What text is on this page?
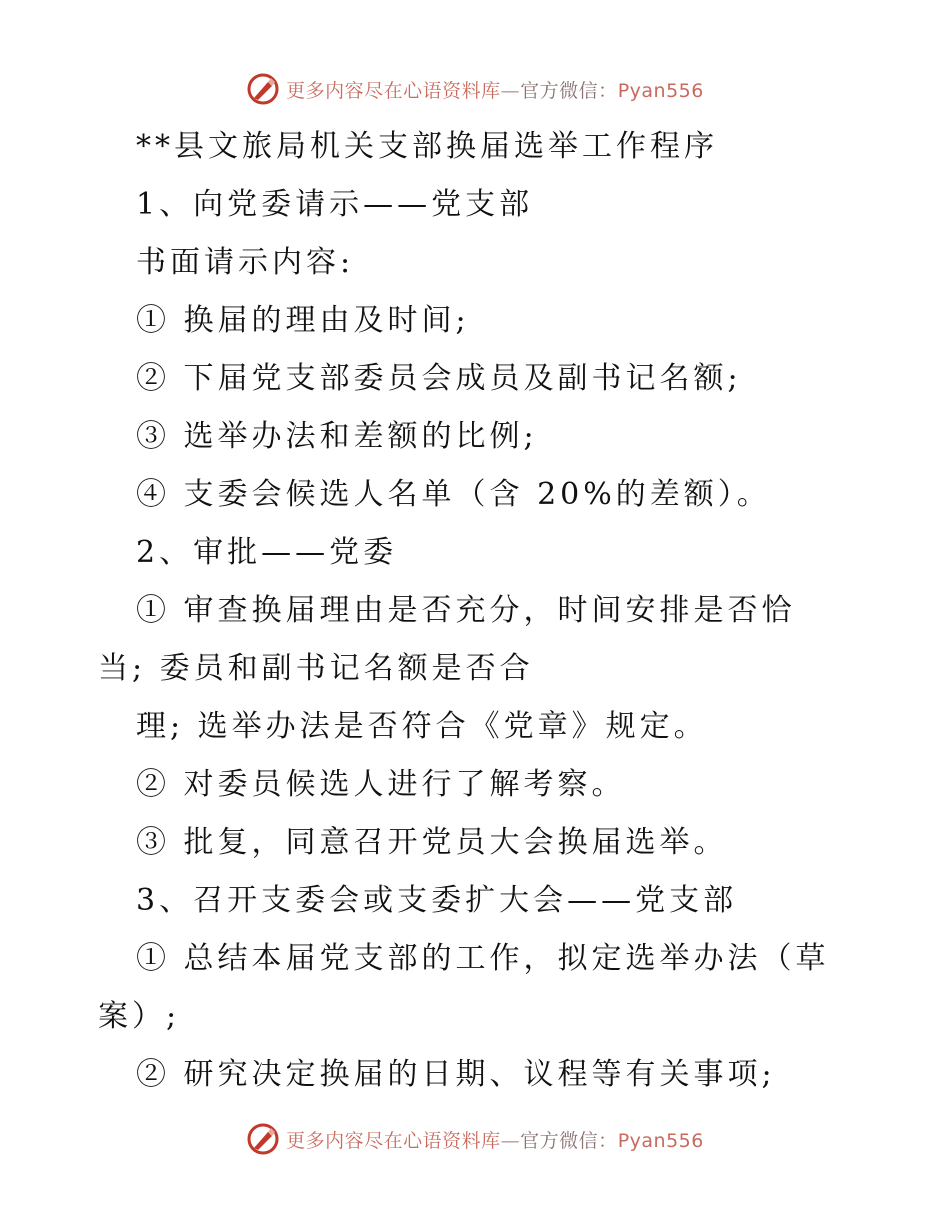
更多内容尽在心语资料库—官方微信：Pyan556
**县文旅局机关支部换届选举工作程序
1、向党委请示——党支部
书面请示内容:
① 换届的理由及时间;
② 下届党支部委员会成员及副书记名额;
③ 选举办法和差额的比例;
④ 支委会候选人名单（含 20%的差额）。
2、审批——党委
① 审查换届理由是否充分，时间安排是否恰
当; 委员和副书记名额是否合
理; 选举办法是否符合《党章》规定。
② 对委员候选人进行了解考察。
③ 批复，同意召开党员大会换届选举。
3、召开支委会或支委扩大会——党支部
① 总结本届党支部的工作，拟定选举办法（草
案）;
② 研究决定换届的日期、议程等有关事项;
更多内容尽在心语资料库—官方微信：Pyan556
